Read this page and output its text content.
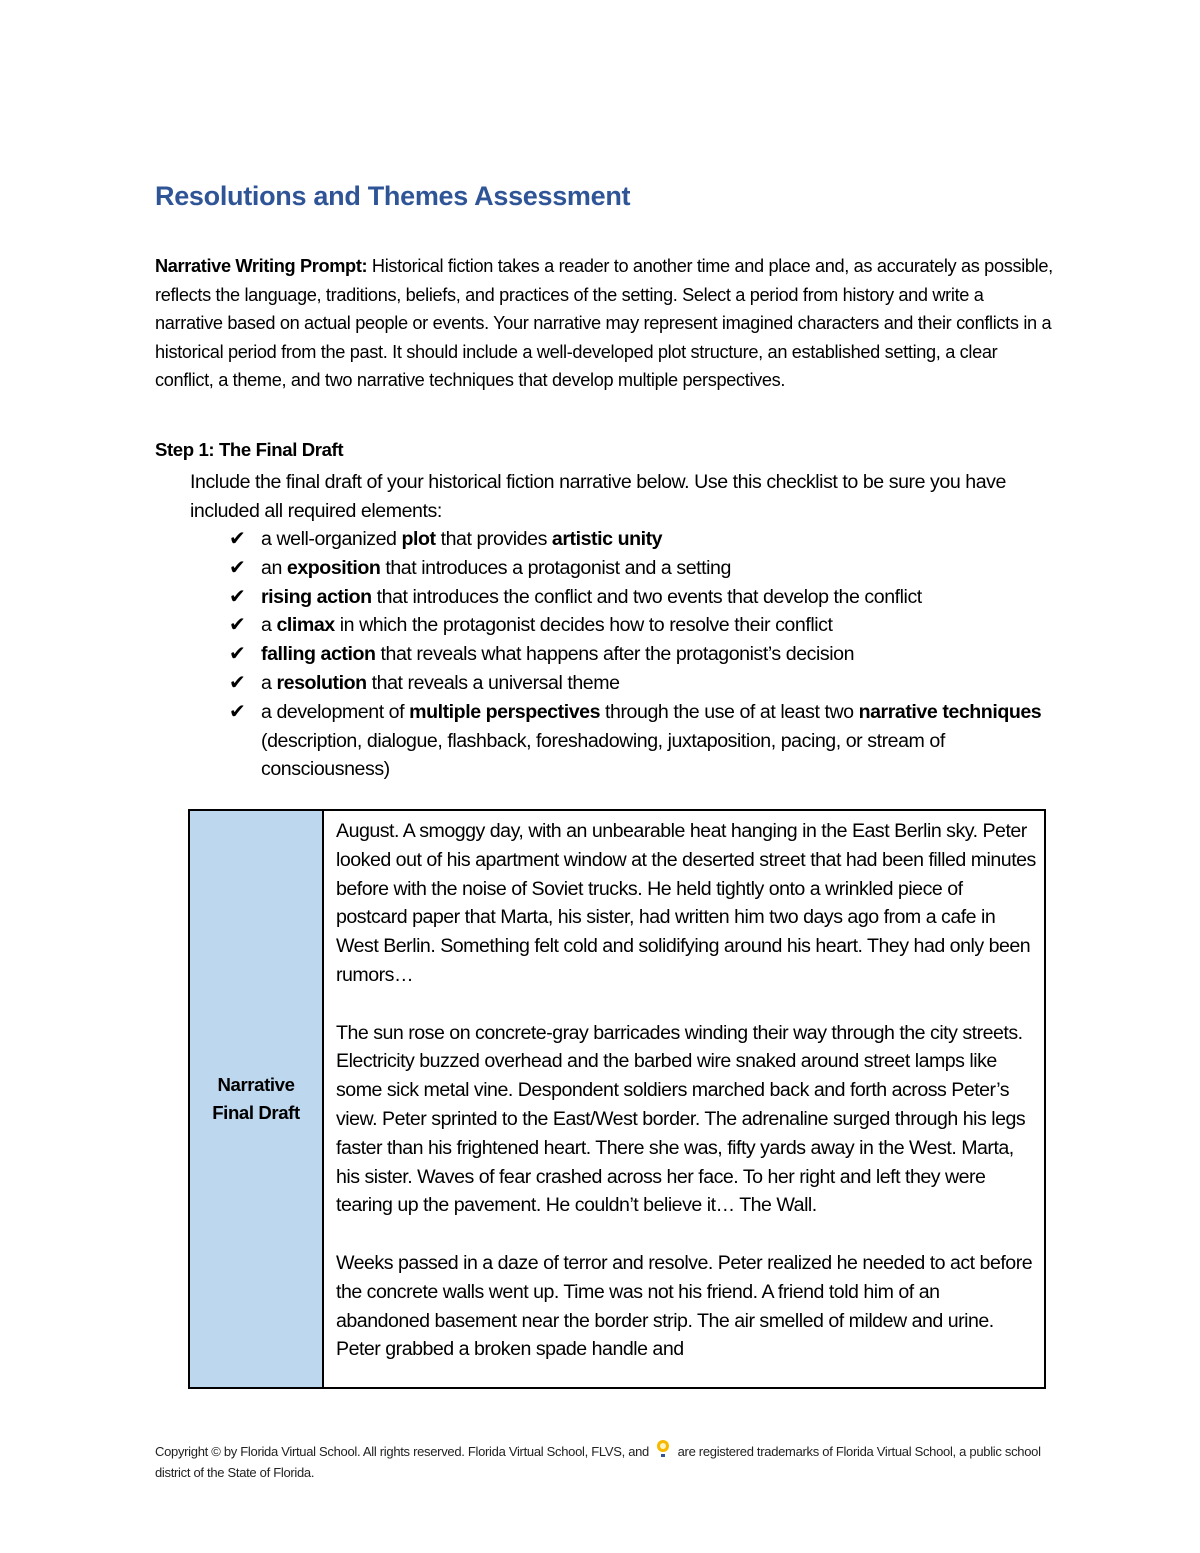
Resolutions and Themes Assessment
Narrative Writing Prompt: Historical fiction takes a reader to another time and place and, as accurately as possible, reflects the language, traditions, beliefs, and practices of the setting. Select a period from history and write a narrative based on actual people or events. Your narrative may represent imagined characters and their conflicts in a historical period from the past. It should include a well-developed plot structure, an established setting, a clear conflict, a theme, and two narrative techniques that develop multiple perspectives.
Step 1: The Final Draft
Include the final draft of your historical fiction narrative below. Use this checklist to be sure you have included all required elements:
✔ a well-organized plot that provides artistic unity
✔ an exposition that introduces a protagonist and a setting
✔ rising action that introduces the conflict and two events that develop the conflict
✔ a climax in which the protagonist decides how to resolve their conflict
✔ falling action that reveals what happens after the protagonist’s decision
✔ a resolution that reveals a universal theme
✔ a development of multiple perspectives through the use of at least two narrative techniques (description, dialogue, flashback, foreshadowing, juxtaposition, pacing, or stream of consciousness)
Narrative Final Draft

August. A smoggy day, with an unbearable heat hanging in the East Berlin sky. Peter looked out of his apartment window at the deserted street that had been filled minutes before with the noise of Soviet trucks. He held tightly onto a wrinkled piece of postcard paper that Marta, his sister, had written him two days ago from a cafe in West Berlin. Something felt cold and solidifying around his heart. They had only been rumors…

The sun rose on concrete-gray barricades winding their way through the city streets. Electricity buzzed overhead and the barbed wire snaked around street lamps like some sick metal vine. Despondent soldiers marched back and forth across Peter’s view. Peter sprinted to the East/West border. The adrenaline surged through his legs faster than his frightened heart. There she was, fifty yards away in the West. Marta, his sister. Waves of fear crashed across her face. To her right and left they were tearing up the pavement. He couldn’t believe it… The Wall.

Weeks passed in a daze of terror and resolve. Peter realized he needed to act before the concrete walls went up. Time was not his friend. A friend told him of an abandoned basement near the border strip. The air smelled of mildew and urine. Peter grabbed a broken spade handle and

Copyright © by Florida Virtual School. All rights reserved. Florida Virtual School, FLVS, and are registered trademarks of Florida Virtual School, a public school district of the State of Florida.
